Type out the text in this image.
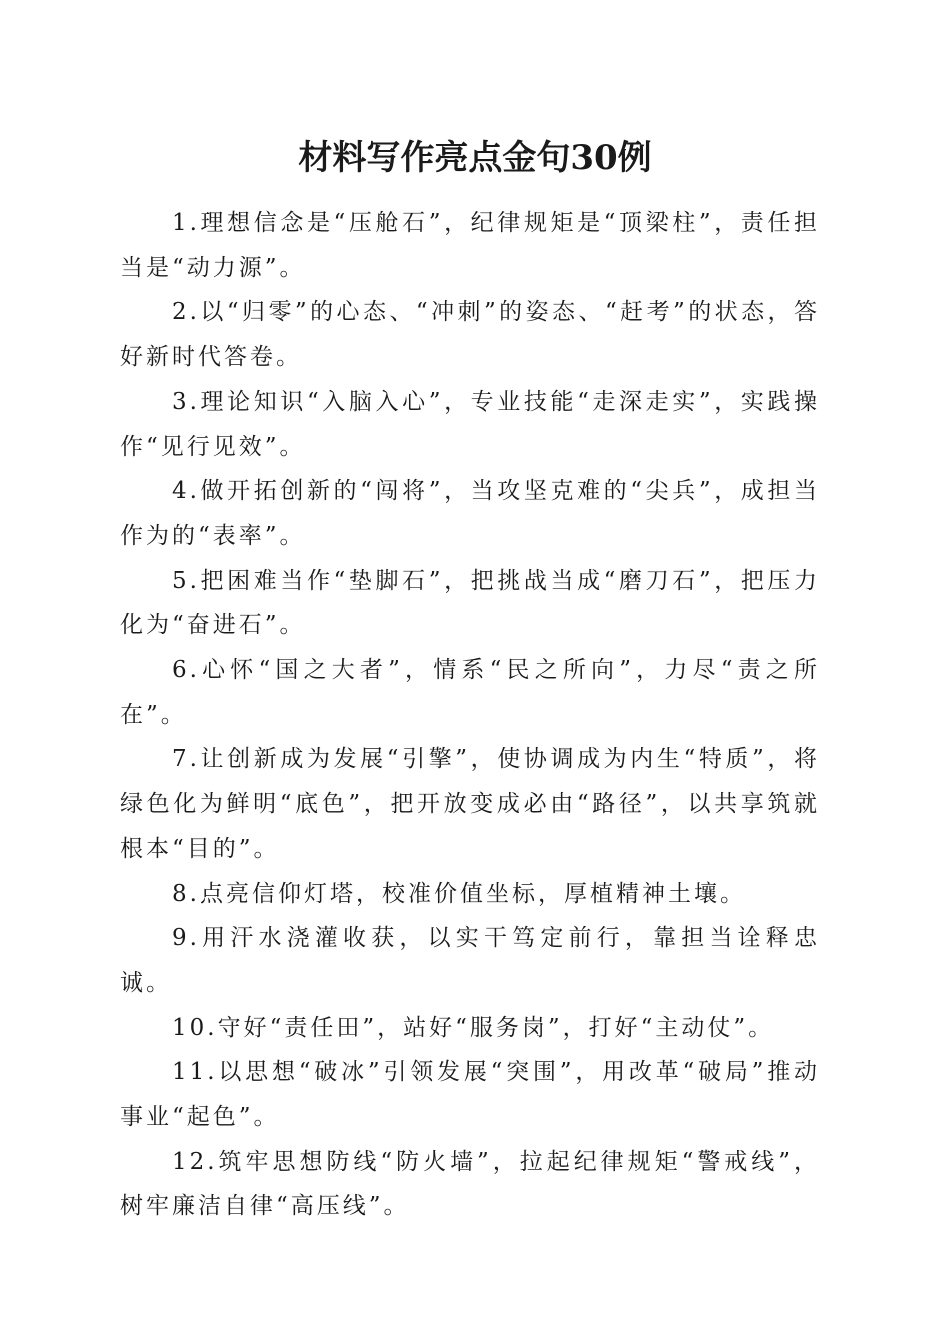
材料写作亮点金句30例

1.理想信念是“压舱石”，纪律规矩是“顶梁柱”，责任担当是“动力源”。

2.以“归零”的心态、“冲刺”的姿态、“赶考”的状态，答好新时代答卷。

3.理论知识“入脑入心”，专业技能“走深走实”，实践操作“见行见效”。

4.做开拓创新的“闯将”，当攻坚克难的“尖兵”，成担当作为的“表率”。

5.把困难当作“垫脚石”，把挑战当成“磨刀石”，把压力化为“奋进石”。

6.心怀“国之大者”，情系“民之所向”，力尽“责之所在”。

7.让创新成为发展“引擎”，使协调成为内生“特质”，将绿色化为鲜明“底色”，把开放变成必由“路径”，以共享筑就根本“目的”。

8.点亮信仰灯塔，校准价值坐标，厚植精神土壤。

9.用汗水浇灌收获，以实干笃定前行，靠担当诠释忠诚。

10.守好“责任田”，站好“服务岗”，打好“主动仗”。

11.以思想“破冰”引领发展“突围”，用改革“破局”推动事业“起色”。

12.筑牢思想防线“防火墙”，拉起纪律规矩“警戒线”，树牢廉洁自律“高压线”。
